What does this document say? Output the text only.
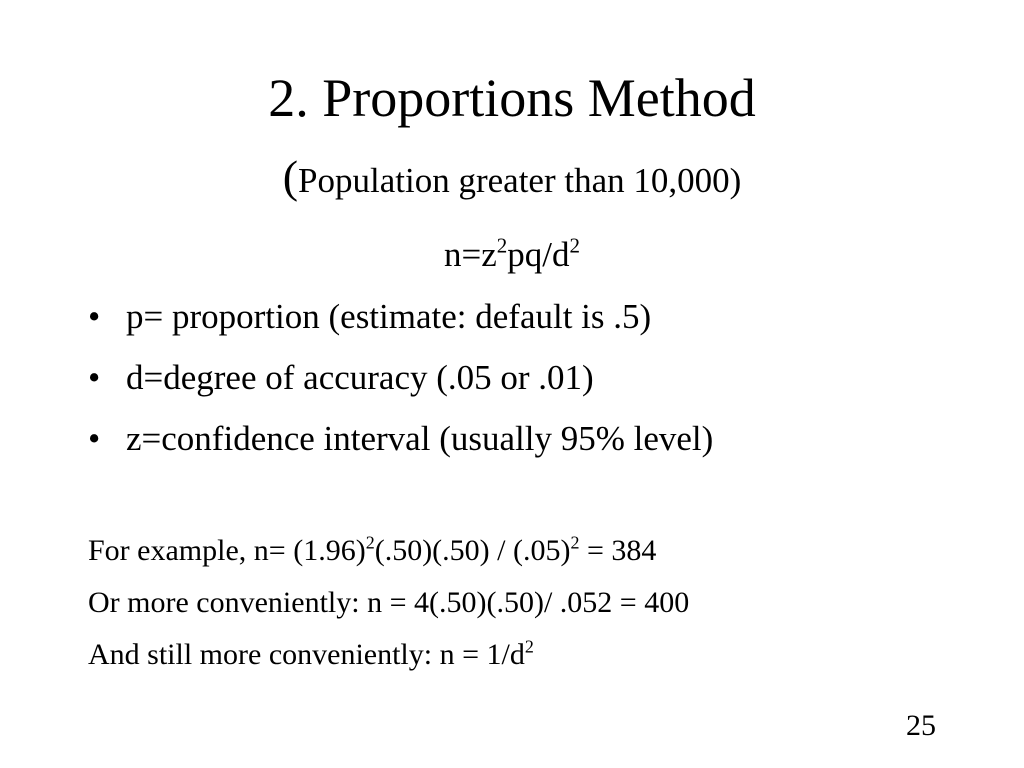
2. Proportions Method
(Population greater than 10,000)
$n=z^2pq/d^2$
• p= proportion (estimate: default is .5)
• d=degree of accuracy (.05 or .01)
• z=confidence interval (usually 95% level)
For example, $n= (1.96)^2(.50)(.50) / (.05)^2 = 384$
Or more conveniently: n = 4(.50)(.50)/ .052 = 400
And still more conveniently: $n = 1/d^2$
25
